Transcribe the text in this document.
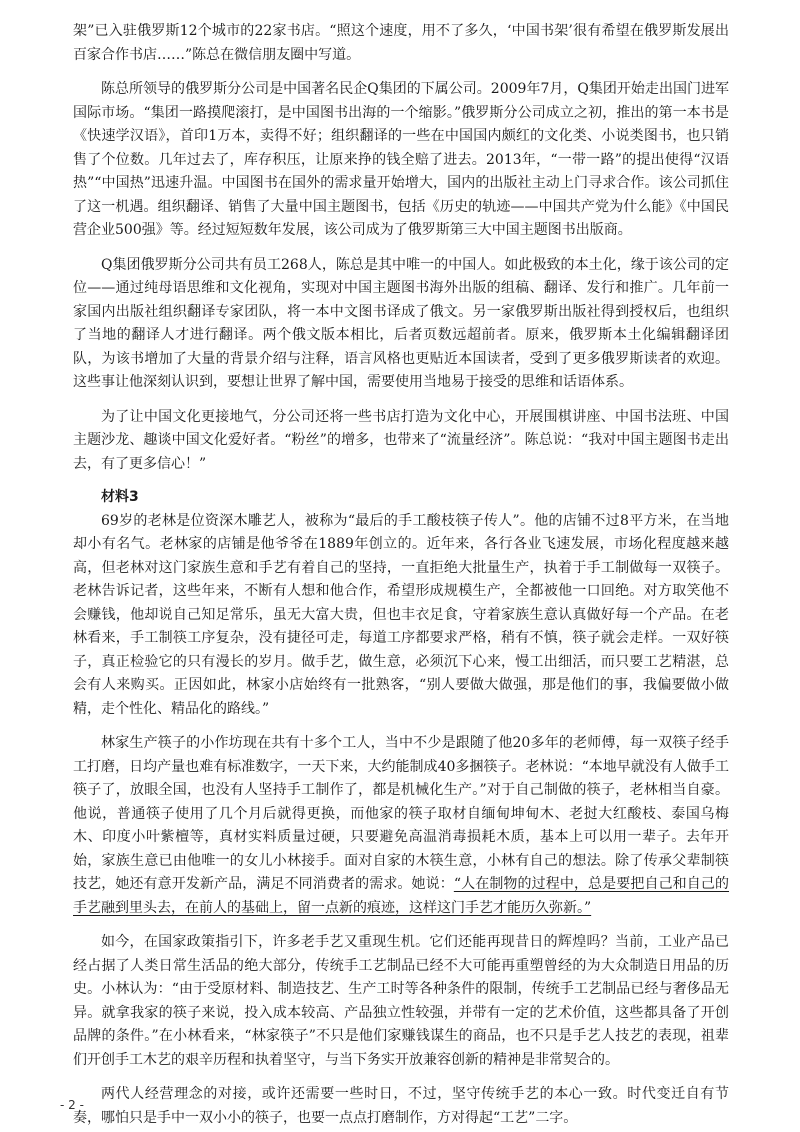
架”已入驻俄罗斯12个城市的22家书店。“照这个速度，用不了多久，‘中国书架’很有希望在俄罗斯发展出百家合作书店……”陈总在微信朋友圈中写道。

陈总所领导的俄罗斯分公司是中国著名民企Q集团的下属公司。2009年7月，Q集团开始走出国门进军国际市场。“集团一路摸爬滚打，是中国图书出海的一个缩影。”俄罗斯分公司成立之初，推出的第一本书是《快速学汉语》，首印1万本，卖得不好；组织翻译的一些在中国国内颇红的文化类、小说类图书，也只销售了个位数。几年过去了，库存积压，让原来挣的钱全赔了进去。2013年，“一带一路”的提出使得“汉语热”“中国热”迅速升温。中国图书在国外的需求量开始增大，国内的出版社主动上门寻求合作。该公司抓住了这一机遇。组织翻译、销售了大量中国主题图书，包括《历史的轨迹——中国共产党为什么能》《中国民营企业500强》等。经过短短数年发展，该公司成为了俄罗斯第三大中国主题图书出版商。

Q集团俄罗斯分公司共有员工268人，陈总是其中唯一的中国人。如此极致的本土化，缘于该公司的定位——通过纯母语思维和文化视角，实现对中国主题图书海外出版的组稿、翻译、发行和推广。几年前一家国内出版社组织翻译专家团队，将一本中文图书译成了俄文。另一家俄罗斯出版社得到授权后，也组织了当地的翻译人才进行翻译。两个俄文版本相比，后者页数远超前者。原来，俄罗斯本土化编辑翻译团队，为该书增加了大量的背景介绍与注释，语言风格也更贴近本国读者，受到了更多俄罗斯读者的欢迎。这些事让他深刻认识到，要想让世界了解中国，需要使用当地易于接受的思维和话语体系。

为了让中国文化更接地气，分公司还将一些书店打造为文化中心，开展围棋讲座、中国书法班、中国主题沙龙、趣谈中国文化爱好者。“粉丝”的增多，也带来了“流量经济”。陈总说：“我对中国主题图书走出去，有了更多信心！”

材料3

69岁的老林是位资深木雕艺人，被称为“最后的手工酸枝筷子传人”。他的店铺不过8平方米，在当地却小有名气。老林家的店铺是他爷爷在1889年创立的。近年来，各行各业飞速发展，市场化程度越来越高，但老林对这门家族生意和手艺有着自己的坚持，一直拒绝大批量生产，执着于手工制做每一双筷子。老林告诉记者，这些年来，不断有人想和他合作，希望形成规模生产，全都被他一口回绝。对方取笑他不会赚钱，他却说自己知足常乐，虽无大富大贵，但也丰衣足食，守着家族生意认真做好每一个产品。在老林看来，手工制筷工序复杂，没有捷径可走，每道工序都要求严格，稍有不慎，筷子就会走样。一双好筷子，真正检验它的只有漫长的岁月。做手艺，做生意，必须沉下心来，慢工出细活，而只要工艺精湛，总会有人来购买。正因如此，林家小店始终有一批熟客，“别人要做大做强，那是他们的事，我偏要做小做精，走个性化、精品化的路线。”

林家生产筷子的小作坊现在共有十多个工人，当中不少是跟随了他20多年的老师傅，每一双筷子经手工打磨，日均产量也难有标准数字，一天下来，大约能制成40多捆筷子。老林说：“本地早就没有人做手工筷子了，放眼全国，也没有人坚持手工制作了，都是机械化生产。”对于自己制做的筷子，老林相当自豪。他说，普通筷子使用了几个月后就得更换，而他家的筷子取材自缅甸坤甸木、老挝大红酸枝、泰国乌梅木、印度小叶紫檀等，真材实料质量过硬，只要避免高温消毒损耗木质，基本上可以用一辈子。去年开始，家族生意已由他唯一的女儿小林接手。面对自家的木筷生意，小林有自己的想法。除了传承父辈制筷技艺，她还有意开发新产品，满足不同消费者的需求。她说：“人在制物的过程中，总是要把自己和自己的手艺融到里头去，在前人的基础上，留一点新的痕迹，这样这门手艺才能历久弥新。”

如今，在国家政策指引下，许多老手艺又重现生机。它们还能再现昔日的辉煌吗？当前，工业产品已经占据了人类日常生活品的绝大部分，传统手工艺制品已经不大可能再重塑曾经的为大众制造日用品的历史。小林认为：“由于受原材料、制造技艺、生产工时等各种条件的限制，传统手工艺制品已经与奢侈品无异。就拿我家的筷子来说，投入成本较高、产品独立性较强，并带有一定的艺术价值，这些都具备了开创品牌的条件。”在小林看来，“林家筷子”不只是他们家赚钱谋生的商品，也不只是手艺人技艺的表现，祖辈们开创手工木艺的艰辛历程和执着坚守，与当下务实开放兼容创新的精神是非常契合的。

两代人经营理念的对接，或许还需要一些时日，不过，坚守传统手艺的本心一致。时代变迁自有节奏，哪怕只是手中一双小小的筷子，也要一点点打磨制作，方对得起“工艺”二字。

- 2 -
